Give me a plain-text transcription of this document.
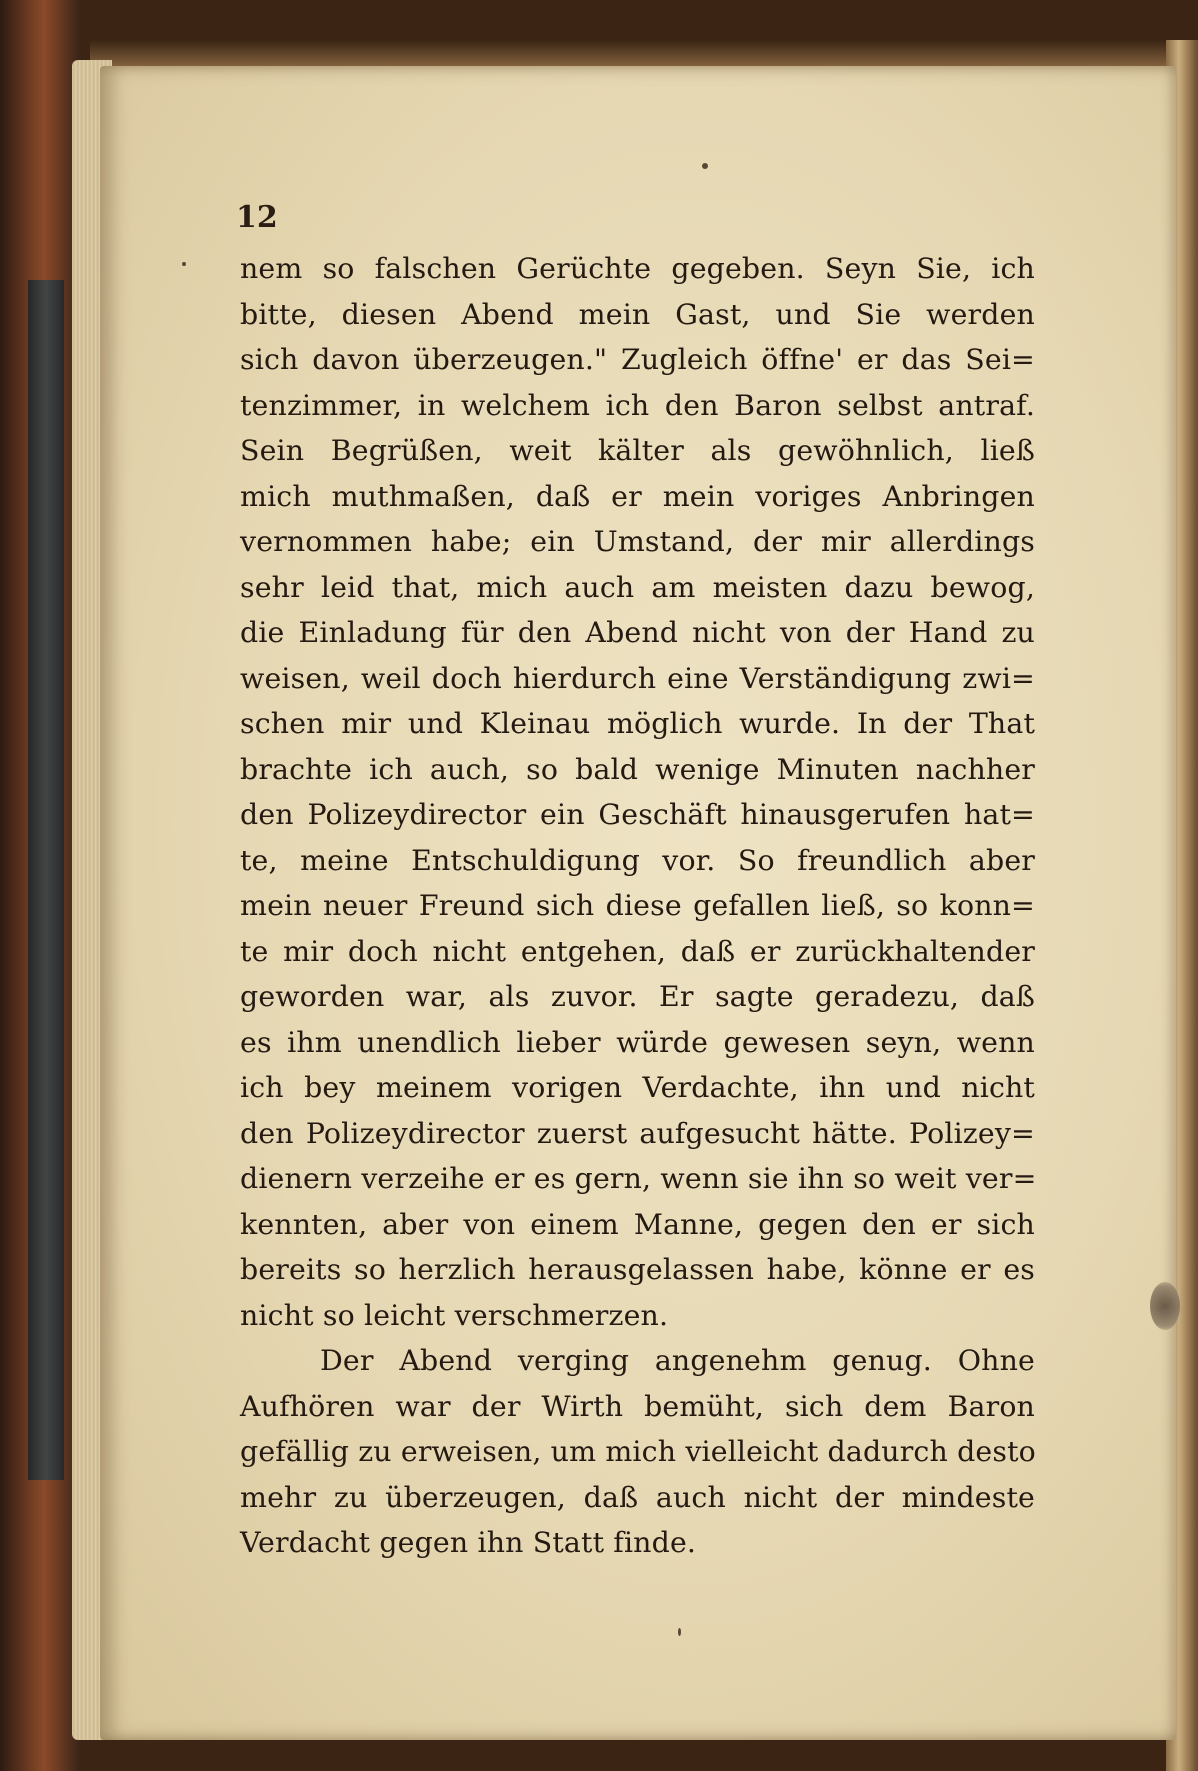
12
nem so falschen Gerüchte gegeben. Seyn Sie, ich
bitte, diesen Abend mein Gast, und Sie werden
sich davon überzeugen." Zugleich öffne' er das Sei=
tenzimmer, in welchem ich den Baron selbst antraf.
Sein Begrüßen, weit kälter als gewöhnlich, ließ
mich muthmaßen, daß er mein voriges Anbringen
vernommen habe; ein Umstand, der mir allerdings
sehr leid that, mich auch am meisten dazu bewog,
die Einladung für den Abend nicht von der Hand zu
weisen, weil doch hierdurch eine Verständigung zwi=
schen mir und Kleinau möglich wurde. In der That
brachte ich auch, so bald wenige Minuten nachher
den Polizeydirector ein Geschäft hinausgerufen hat=
te, meine Entschuldigung vor. So freundlich aber
mein neuer Freund sich diese gefallen ließ, so konn=
te mir doch nicht entgehen, daß er zurückhaltender
geworden war, als zuvor. Er sagte geradezu, daß
es ihm unendlich lieber würde gewesen seyn, wenn
ich bey meinem vorigen Verdachte, ihn und nicht
den Polizeydirector zuerst aufgesucht hätte. Polizey=
dienern verzeihe er es gern, wenn sie ihn so weit ver=
kennten, aber von einem Manne, gegen den er sich
bereits so herzlich herausgelassen habe, könne er es
nicht so leicht verschmerzen.
Der Abend verging angenehm genug. Ohne
Aufhören war der Wirth bemüht, sich dem Baron
gefällig zu erweisen, um mich vielleicht dadurch desto
mehr zu überzeugen, daß auch nicht der mindeste
Verdacht gegen ihn Statt finde.
